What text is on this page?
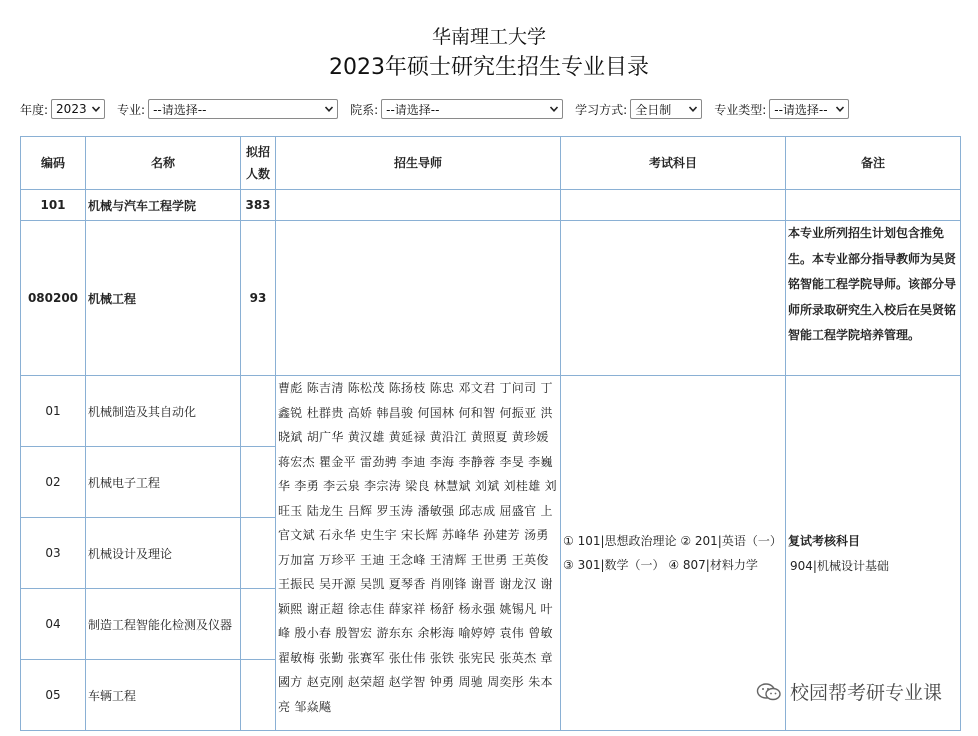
华南理工大学
2023年硕士研究生招生专业目录
年度: 2023	专业: --请选择--	院系: --请选择--	学习方式: 全日制	专业类型: --请选择--
编码	名称	拟招
人数	招生导师	考试科目	备注
101	机械与汽车工程学院	383			
080200	机械工程	93			本专业所列招生计划包含推免生。本专业部分指导教师为吴贤铭智能工程学院导师。该部分导师所录取研究生入校后在吴贤铭智能工程学院培养管理。
01	机械制造及其自动化		曹彪 陈吉清 陈松茂 陈扬枝 陈忠 邓文君 丁问司 丁鑫锐 杜群贵 高娇 韩昌骏 何国林 何和智 何振亚 洪晓斌 胡广华 黄汉雄 黄延禄 黄沿江 黄照夏 黄珍媛 蒋宏杰 瞿金平 雷劲骋 李迪 李海 李静蓉 李旻 李巍华 李勇 李云泉 李宗涛 梁良 林慧斌 刘斌 刘桂雄 刘旺玉 陆龙生 吕辉 罗玉涛 潘敏强 邱志成 屈盛官 上官文斌 石永华 史生宇 宋长辉 苏峰华 孙建芳 汤勇 万加富 万珍平 王迪 王念峰 王清辉 王世勇 王英俊 王振民 吴开源 吴凯 夏琴香 肖刚锋 谢晋 谢龙汉 谢颖熙 谢正超 徐志佳 薛家祥 杨舒 杨永强 姚锡凡 叶峰 殷小春 殷智宏 游东东 余彬海 喻婷婷 袁伟 曾敏 翟敏梅 张勤 张赛军 张仕伟 张铁 张宪民 张英杰 章國方 赵克刚 赵荣超 赵学智 钟勇 周驰 周奕彤 朱本亮 邹焱飚	① 101|思想政治理论 ② 201|英语（一） ③ 301|数学（一） ④ 807|材料力学	复试考核科目
904|机械设计基础

02	机械电子工程				
03	机械设计及理论				
04	制造工程智能化检测及仪器				
05	车辆工程					校园帮考研专业课
